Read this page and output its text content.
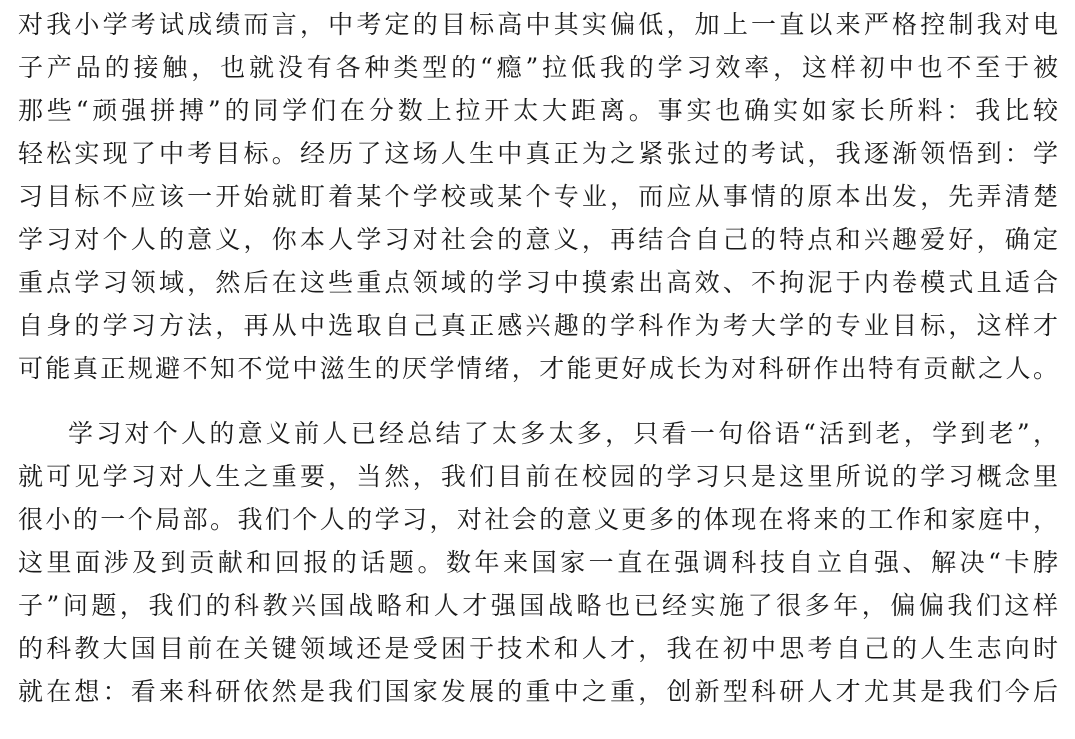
对我小学考试成绩而言，中考定的目标高中其实偏低，加上一直以来严格控制我对电
子产品的接触，也就没有各种类型的“瘾”拉低我的学习效率，这样初中也不至于被
那些“顽强拼搏”的同学们在分数上拉开太大距离。事实也确实如家长所料：我比较
轻松实现了中考目标。经历了这场人生中真正为之紧张过的考试，我逐渐领悟到：学
习目标不应该一开始就盯着某个学校或某个专业，而应从事情的原本出发，先弄清楚
学习对个人的意义，你本人学习对社会的意义，再结合自己的特点和兴趣爱好，确定
重点学习领域，然后在这些重点领域的学习中摸索出高效、不拘泥于内卷模式且适合
自身的学习方法，再从中选取自己真正感兴趣的学科作为考大学的专业目标，这样才
可能真正规避不知不觉中滋生的厌学情绪，才能更好成长为对科研作出特有贡献之人。
学习对个人的意义前人已经总结了太多太多，只看一句俗语“活到老，学到老”，
就可见学习对人生之重要，当然，我们目前在校园的学习只是这里所说的学习概念里
很小的一个局部。我们个人的学习，对社会的意义更多的体现在将来的工作和家庭中，
这里面涉及到贡献和回报的话题。数年来国家一直在强调科技自立自强、解决“卡脖
子”问题，我们的科教兴国战略和人才强国战略也已经实施了很多年，偏偏我们这样
的科教大国目前在关键领域还是受困于技术和人才，我在初中思考自己的人生志向时
就在想：看来科研依然是我们国家发展的重中之重，创新型科研人才尤其是我们今后
